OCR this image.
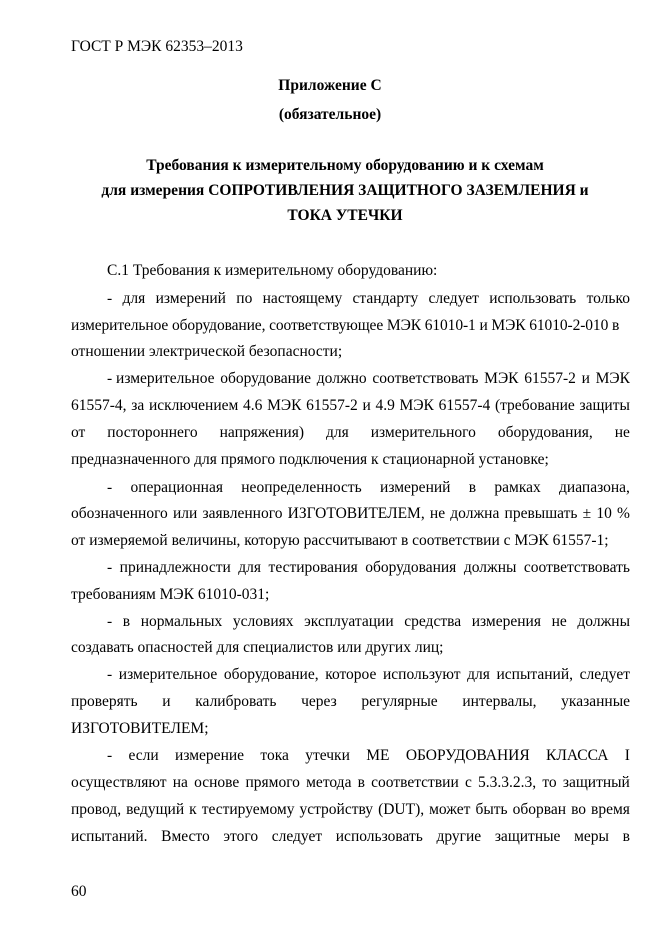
ГОСТ Р МЭК 62353–2013
Приложение С
(обязательное)
Требования к измерительному оборудованию и к схемам
для измерения СОПРОТИВЛЕНИЯ ЗАЩИТНОГО ЗАЗЕМЛЕНИЯ и
ТОКА УТЕЧКИ
С.1 Требования к измерительному оборудованию:
- для измерений по настоящему стандарту следует использовать только
измерительное оборудование, соответствующее МЭК 61010-1 и МЭК 61010-2-010 в
отношении электрической безопасности;
- измерительное оборудование должно соответствовать МЭК 61557-2 и МЭК
61557-4, за исключением 4.6 МЭК 61557-2 и 4.9 МЭК 61557-4 (требование защиты
от постороннего напряжения) для измерительного оборудования, не
предназначенного для прямого подключения к стационарной установке;
- операционная неопределенность измерений в рамках диапазона,
обозначенного или заявленного ИЗГОТОВИТЕЛЕМ, не должна превышать ± 10 %
от измеряемой величины, которую рассчитывают в соответствии с МЭК 61557-1;
- принадлежности для тестирования оборудования должны соответствовать
требованиям МЭК 61010-031;
- в нормальных условиях эксплуатации средства измерения не должны
создавать опасностей для специалистов или других лиц;
- измерительное оборудование, которое используют для испытаний, следует
проверять и калибровать через регулярные интервалы, указанные
ИЗГОТОВИТЕЛЕМ;
- если измерение тока утечки МЕ ОБОРУДОВАНИЯ КЛАССА I
осуществляют на основе прямого метода в соответствии с 5.3.3.2.3, то защитный
провод, ведущий к тестируемому устройству (DUT), может быть оборван во время
испытаний. Вместо этого следует использовать другие защитные меры в
60
